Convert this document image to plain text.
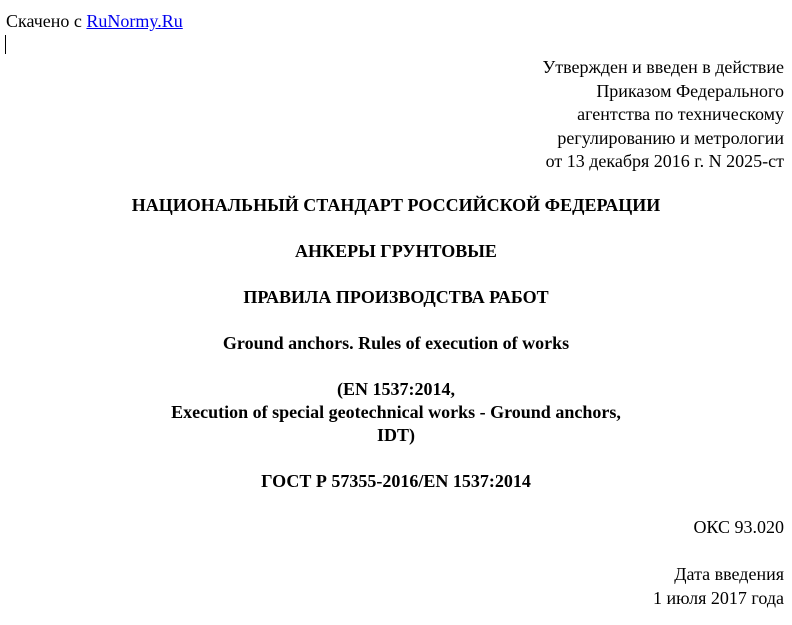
Скачено с RuNormy.Ru
Утвержден и введен в действие
Приказом Федерального
агентства по техническому
регулированию и метрологии
от 13 декабря 2016 г. N 2025-ст
НАЦИОНАЛЬНЫЙ СТАНДАРТ РОССИЙСКОЙ ФЕДЕРАЦИИ
АНКЕРЫ ГРУНТОВЫЕ
ПРАВИЛА ПРОИЗВОДСТВА РАБОТ
Ground anchors. Rules of execution of works
(EN 1537:2014,
Execution of special geotechnical works - Ground anchors,
IDT)
ГОСТ Р 57355-2016/EN 1537:2014
ОКС 93.020
Дата введения
1 июля 2017 года
